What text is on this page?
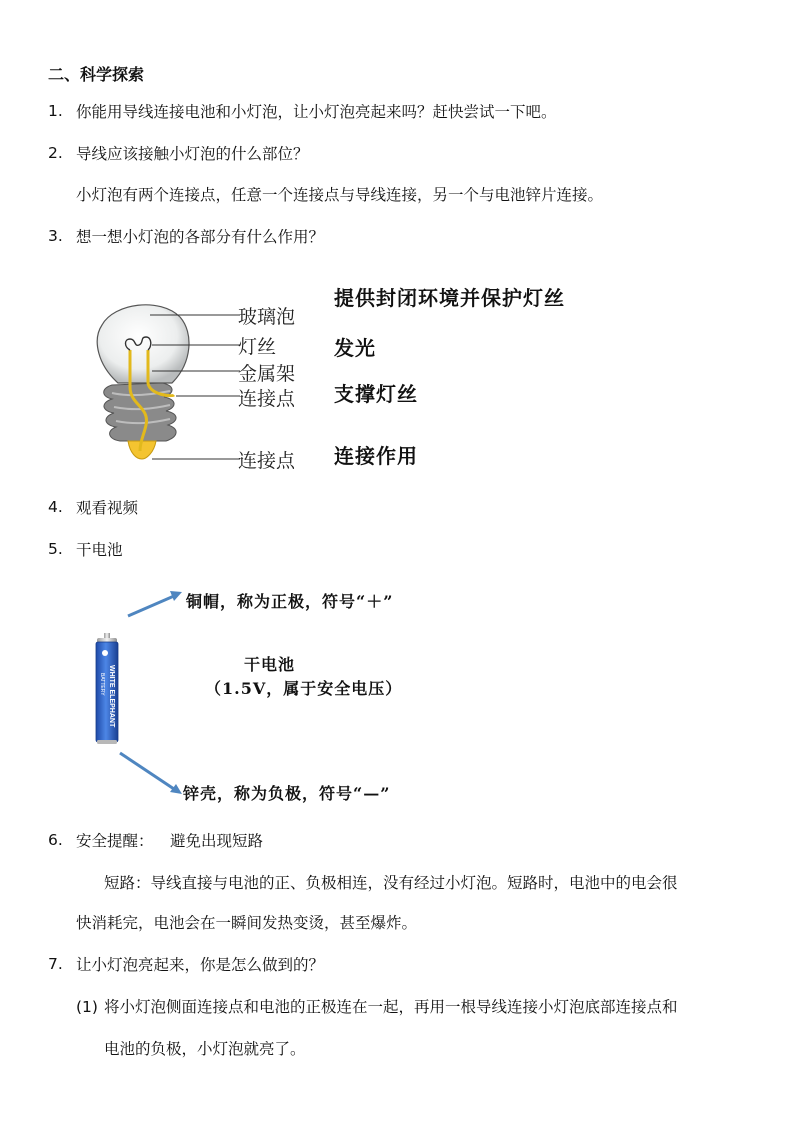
二、科学探索
1. 你能用导线连接电池和小灯泡，让小灯泡亮起来吗？赶快尝试一下吧。
2. 导线应该接触小灯泡的什么部位？
小灯泡有两个连接点，任意一个连接点与导线连接，另一个与电池锌片连接。
3. 想一想小灯泡的各部分有什么作用？
玻璃泡
灯丝
金属架
连接点
连接点
提供封闭环境并保护灯丝
发光
支撑灯丝
连接作用
4. 观看视频
5. 干电池
WHITE ELEPHANT
BATTERY
铜帽，称为正极，符号“＋”
干电池
（1.5V，属于安全电压）
锌壳，称为负极，符号“—”
6. 安全提醒： 避免出现短路
短路：导线直接与电池的正、负极相连，没有经过小灯泡。短路时，电池中的电会很
快消耗完，电池会在一瞬间发热变烫，甚至爆炸。
7. 让小灯泡亮起来，你是怎么做到的？
(1) 将小灯泡侧面连接点和电池的正极连在一起，再用一根导线连接小灯泡底部连接点和
电池的负极，小灯泡就亮了。
